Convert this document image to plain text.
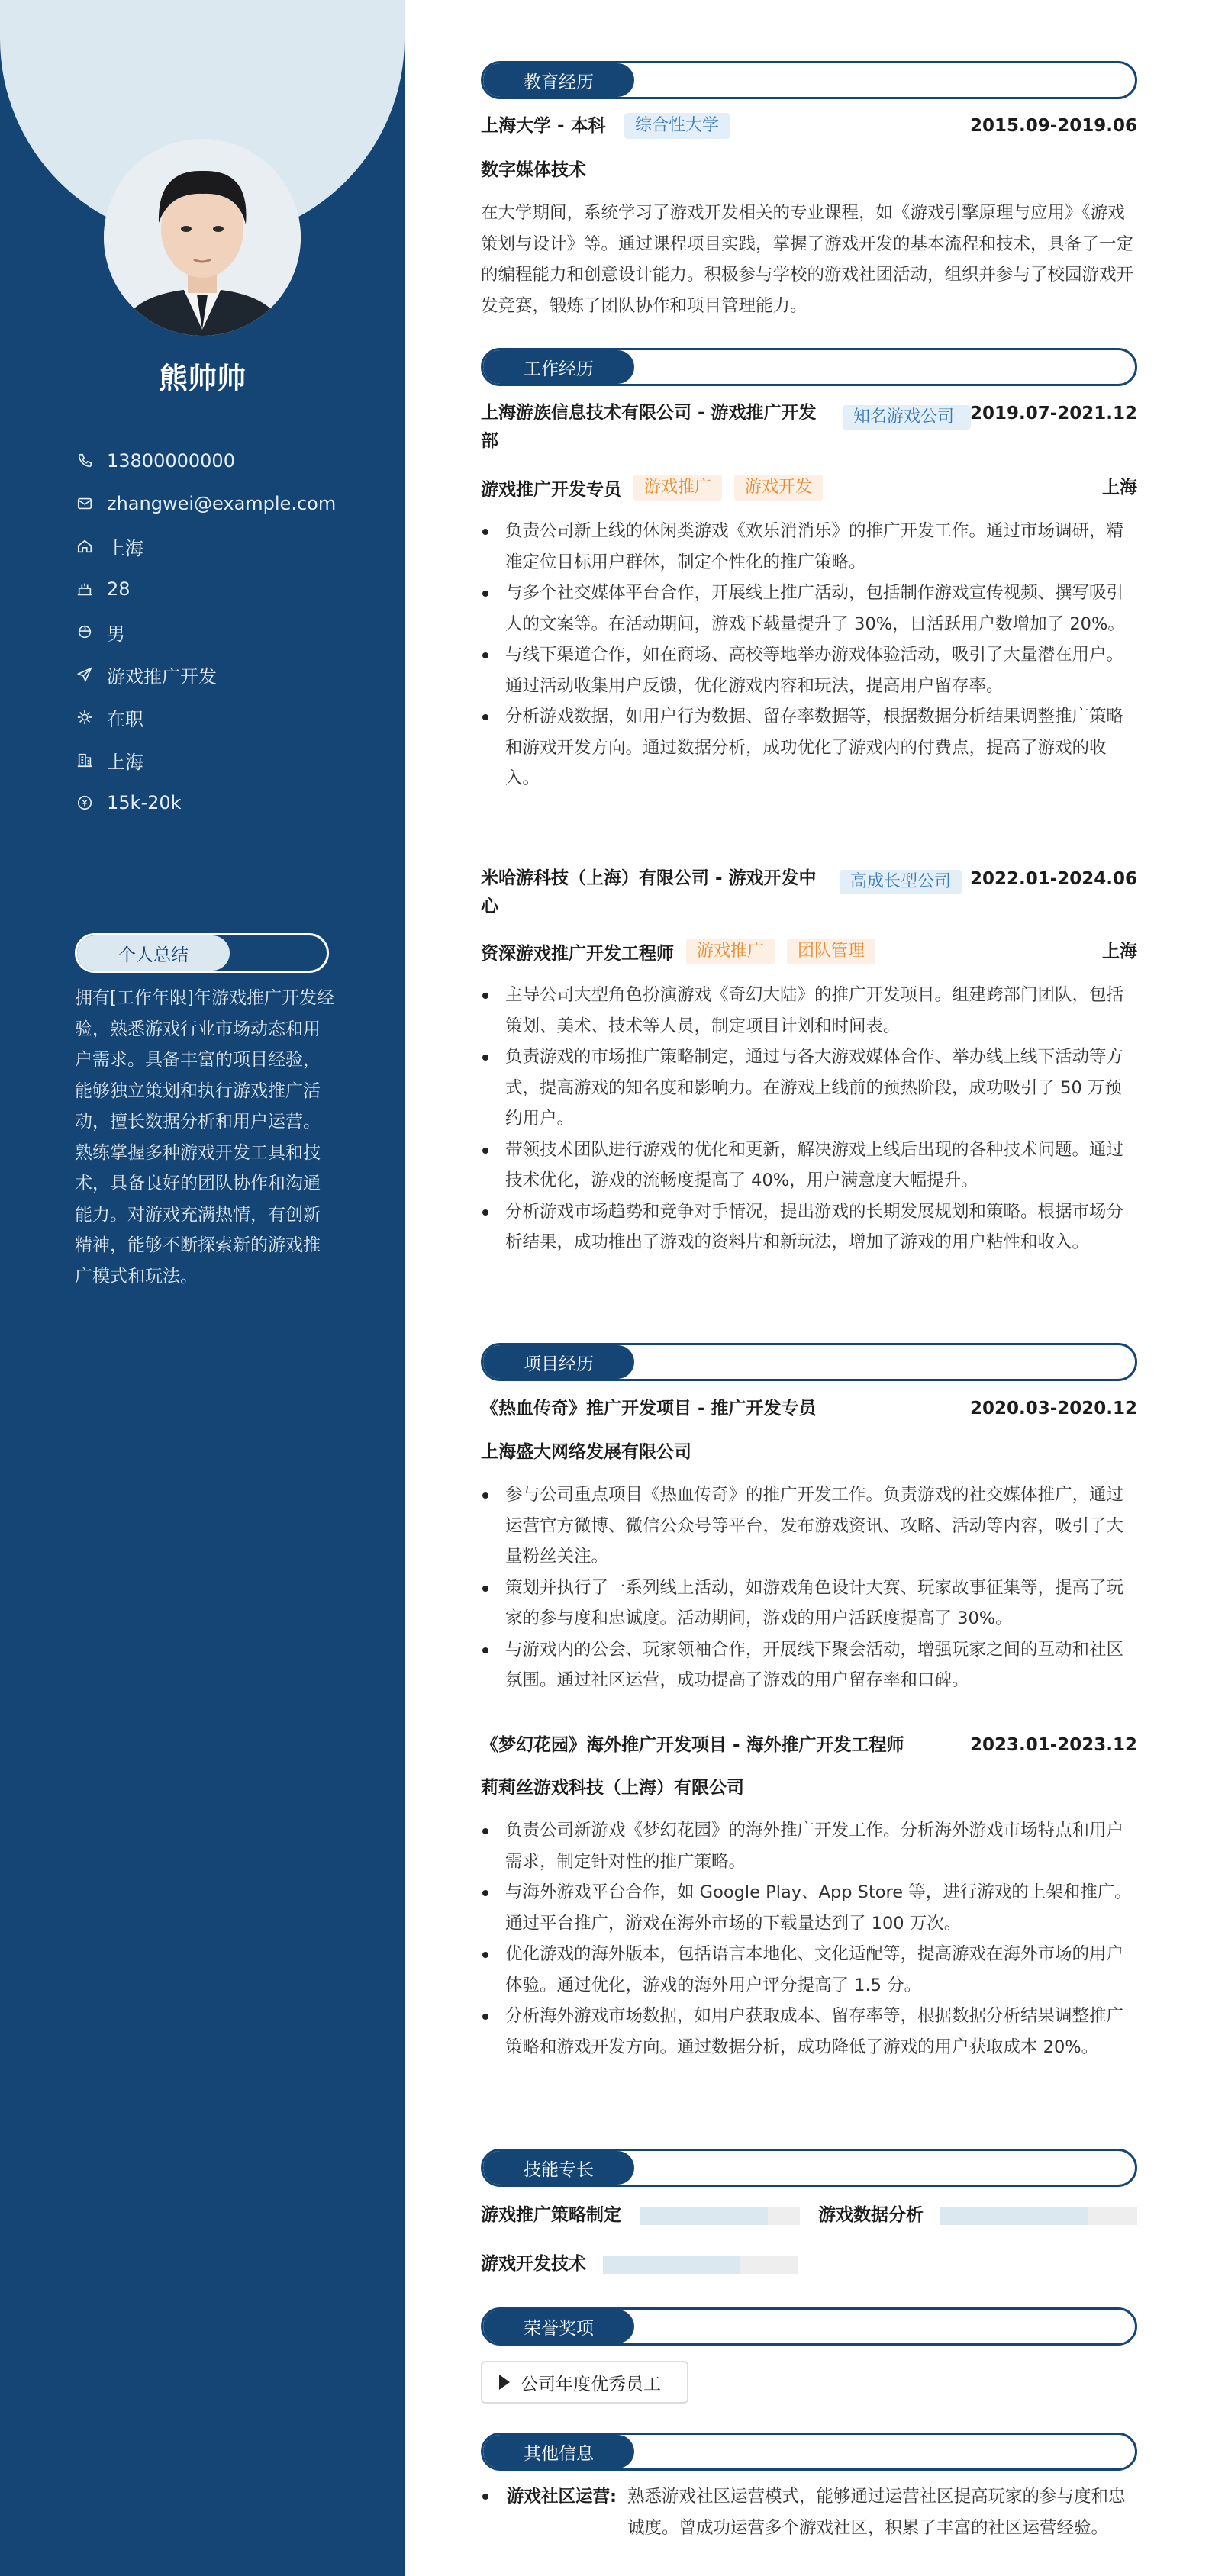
熊帅帅
13800000000
zhangwei@example.com
上海
28
男
游戏推广开发
在职
上海
15k-20k
个人总结
拥有[工作年限]年游戏推广开发经验，熟悉游戏行业市场动态和用户需求。具备丰富的项目经验，能够独立策划和执行游戏推广活动，擅长数据分析和用户运营。熟练掌握多种游戏开发工具和技术，具备良好的团队协作和沟通能力。对游戏充满热情，有创新精神，能够不断探索新的游戏推广模式和玩法。
教育经历
上海大学 - 本科	综合性大学	2015.09-2019.06
数字媒体技术
在大学期间，系统学习了游戏开发相关的专业课程，如《游戏引擎原理与应用》《游戏策划与设计》等。通过课程项目实践，掌握了游戏开发的基本流程和技术，具备了一定的编程能力和创意设计能力。积极参与学校的游戏社团活动，组织并参与了校园游戏开发竞赛，锻炼了团队协作和项目管理能力。
工作经历
上海游族信息技术有限公司 - 游戏推广开发部
知名游戏公司 2019.07-2021.12
游戏推广开发专员	游戏推广	游戏开发	上海
负责公司新上线的休闲类游戏《欢乐消消乐》的推广开发工作。通过市场调研，精准定位目标用户群体，制定个性化的推广策略。
与多个社交媒体平台合作，开展线上推广活动，包括制作游戏宣传视频、撰写吸引人的文案等。在活动期间，游戏下载量提升了 30%，日活跃用户数增加了 20%。
与线下渠道合作，如在商场、高校等地举办游戏体验活动，吸引了大量潜在用户。通过活动收集用户反馈，优化游戏内容和玩法，提高用户留存率。
分析游戏数据，如用户行为数据、留存率数据等，根据数据分析结果调整推广策略和游戏开发方向。通过数据分析，成功优化了游戏内的付费点，提高了游戏的收入。
米哈游科技（上海）有限公司 - 游戏开发中心
高成长型公司	2022.01-2024.06
资深游戏推广开发工程师	游戏推广	团队管理	上海
主导公司大型角色扮演游戏《奇幻大陆》的推广开发项目。组建跨部门团队，包括策划、美术、技术等人员，制定项目计划和时间表。
负责游戏的市场推广策略制定，通过与各大游戏媒体合作、举办线上线下活动等方式，提高游戏的知名度和影响力。在游戏上线前的预热阶段，成功吸引了 50 万预约用户。
带领技术团队进行游戏的优化和更新，解决游戏上线后出现的各种技术问题。通过技术优化，游戏的流畅度提高了 40%，用户满意度大幅提升。
分析游戏市场趋势和竞争对手情况，提出游戏的长期发展规划和策略。根据市场分析结果，成功推出了游戏的资料片和新玩法，增加了游戏的用户粘性和收入。
项目经历
《热血传奇》推广开发项目 - 推广开发专员	2020.03-2020.12
上海盛大网络发展有限公司
参与公司重点项目《热血传奇》的推广开发工作。负责游戏的社交媒体推广，通过运营官方微博、微信公众号等平台，发布游戏资讯、攻略、活动等内容，吸引了大量粉丝关注。
策划并执行了一系列线上活动，如游戏角色设计大赛、玩家故事征集等，提高了玩家的参与度和忠诚度。活动期间，游戏的用户活跃度提高了 30%。
与游戏内的公会、玩家领袖合作，开展线下聚会活动，增强玩家之间的互动和社区氛围。通过社区运营，成功提高了游戏的用户留存率和口碑。
《梦幻花园》海外推广开发项目 - 海外推广开发工程师	2023.01-2023.12
莉莉丝游戏科技（上海）有限公司
负责公司新游戏《梦幻花园》的海外推广开发工作。分析海外游戏市场特点和用户需求，制定针对性的推广策略。
与海外游戏平台合作，如 Google Play、App Store 等，进行游戏的上架和推广。通过平台推广，游戏在海外市场的下载量达到了 100 万次。
优化游戏的海外版本，包括语言本地化、文化适配等，提高游戏在海外市场的用户体验。通过优化，游戏的海外用户评分提高了 1.5 分。
分析海外游戏市场数据，如用户获取成本、留存率等，根据数据分析结果调整推广策略和游戏开发方向。通过数据分析，成功降低了游戏的用户获取成本 20%。
技能专长
游戏推广策略制定	游戏数据分析
游戏开发技术
荣誉奖项
公司年度优秀员工
其他信息
游戏社区运营: 熟悉游戏社区运营模式，能够通过运营社区提高玩家的参与度和忠诚度。曾成功运营多个游戏社区，积累了丰富的社区运营经验。
